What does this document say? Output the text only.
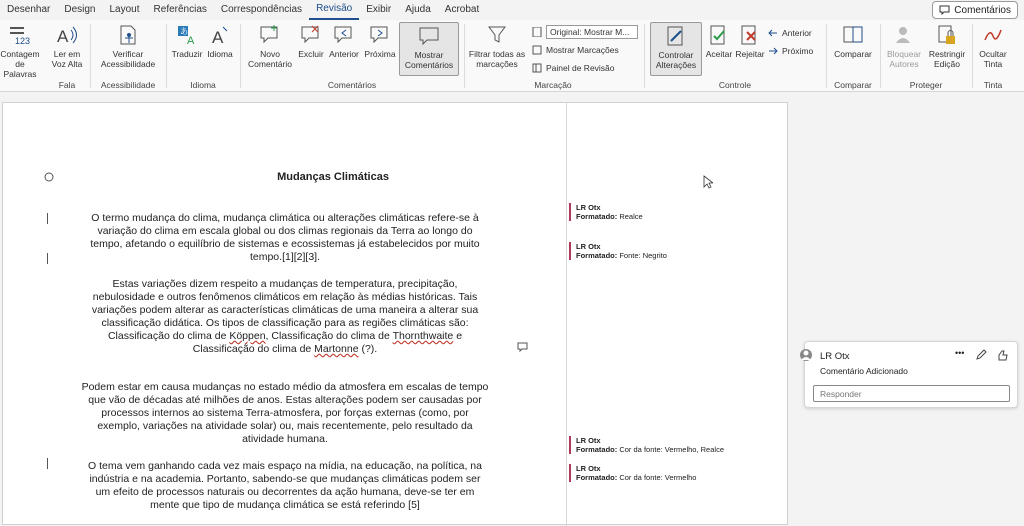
Desenhar	Design	Layout	Referências	Correspondências	Revisão	Exibir	Ajuda	Acrobat	Comentários
123
Contagem de Palavras
A
Ler em Voz Alta
Fala
Verificar Acessibilidade
Acessibilidade
あ
A
Traduzir
A
Idioma
Idioma
Novo Comentário
Excluir Anterior Próxima	Mostrar Comentários
Comentários
Filtrar todas as marcações
Original: Mostrar M...
Mostrar Marcações
Painel de Revisão
Marcação
Controlar Alterações
Aceitar Rejeitar
Anterior
Próximo
Controle
Comparar
Comparar
Bloquear Autores
Restringir Edição
Proteger
Ocultar Tinta
Tinta
Mudanças Climáticas
O termo mudança do clima, mudança climática ou alterações climáticas refere-se à variação do clima em escala global ou dos climas regionais da Terra ao longo do tempo, afetando o equilíbrio de sistemas e ecossistemas já estabelecidos por muito tempo.[1][2][3].
Estas variações dizem respeito a mudanças de temperatura, precipitação, nebulosidade e outros fenômenos climáticos em relação às médias históricas. Tais variações podem alterar as características climáticas de uma maneira a alterar sua classificação didática. Os tipos de classificação para as regiões climáticas são: Classificação do clima de Köppen, Classificação do clima de Thornthwaite e Classificação do clima de Martonne (?).
Podem estar em causa mudanças no estado médio da atmosfera em escalas de tempo que vão de décadas até milhões de anos. Estas alterações podem ser causadas por processos internos ao sistema Terra-atmosfera, por forças externas (como, por exemplo, variações na atividade solar) ou, mais recentemente, pelo resultado da atividade humana.
O tema vem ganhando cada vez mais espaço na mídia, na educação, na política, na indústria e na academia. Portanto, sabendo-se que mudanças climáticas podem ser um efeito de processos naturais ou decorrentes da ação humana, deve-se ter em mente que tipo de mudança climática se está referindo [5]
LR Otx
Formatado: Realce
LR Otx
Formatado: Fonte: Negrito
LR Otx
Formatado: Cor da fonte: Vermelho, Realce
LR Otx
Formatado: Cor da fonte: Vermelho
LR Otx	•••
Comentário Adicionado
Responder
